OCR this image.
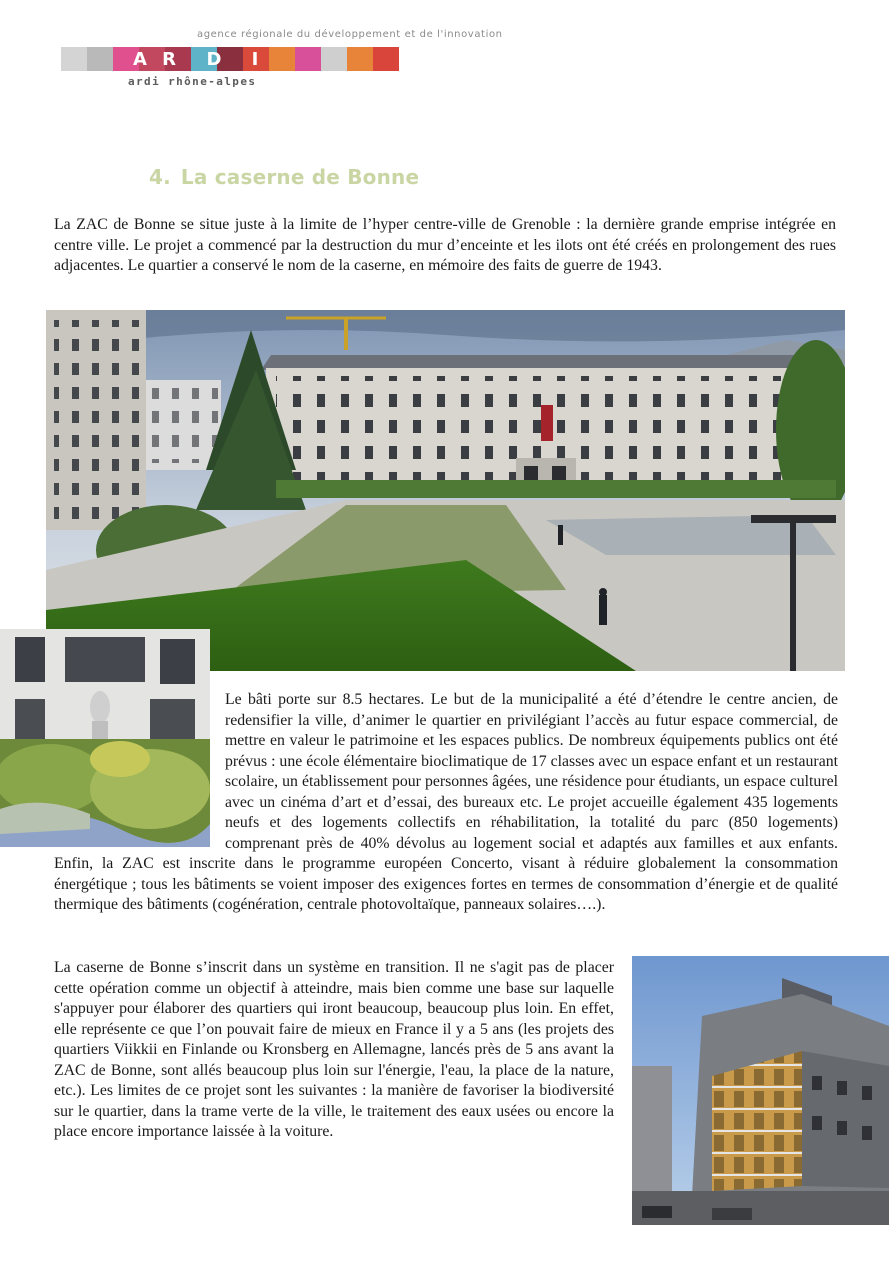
agence régionale du développement et de l'innovation
A R D	I
ardi rhône-alpes
4. La caserne de Bonne

La ZAC de Bonne se situe juste à la limite de l’hyper centre-ville de Grenoble : la dernière grande emprise intégrée en centre ville. Le projet a commencé par la destruction du mur d’enceinte et les ilots ont été créés en prolongement des rues adjacentes. Le quartier a conservé le nom de la caserne, en mémoire des faits de guerre de 1943.

Le bâti porte sur 8.5 hectares. Le but de la municipalité a été d’étendre le centre ancien, de redensifier la ville, d’animer le quartier en privilégiant l’accès au futur espace commercial, de mettre en valeur le patrimoine et les espaces publics. De nombreux équipements publics ont été prévus : une école élémentaire bioclimatique de 17 classes avec un espace enfant et un restaurant scolaire, un établissement pour personnes âgées, une résidence pour étudiants, un espace culturel avec un cinéma d’art et d’essai, des bureaux etc. Le projet accueille également 435 logements neufs et des logements collectifs en réhabilitation, la totalité du parc (850 logements) comprenant près de 40% dévolus au logement social et adaptés aux familles et aux enfants. Enfin, la ZAC est inscrite dans le programme européen Concerto, visant à réduire globalement la consommation énergétique ; tous les bâtiments se voient imposer des exigences fortes en termes de consommation d’énergie et de qualité thermique des bâtiments (cogénération, centrale photovoltaïque, panneaux solaires….).

La caserne de Bonne s’inscrit dans un système en transition. Il ne s'agit pas de placer cette opération comme un objectif à atteindre, mais bien comme une base sur laquelle s'appuyer pour élaborer des quartiers qui iront beaucoup, beaucoup plus loin. En effet, elle représente ce que l’on pouvait faire de mieux en France il y a 5 ans (les projets des quartiers Viikkii en Finlande ou Kronsberg en Allemagne, lancés près de 5 ans avant la ZAC de Bonne, sont allés beaucoup plus loin sur l'énergie, l'eau, la place de la nature, etc.). Les limites de ce projet sont les suivantes : la manière de favoriser la biodiversité sur le quartier, dans la trame verte de la ville, le traitement des eaux usées ou encore la place encore importance laissée à la voiture.
